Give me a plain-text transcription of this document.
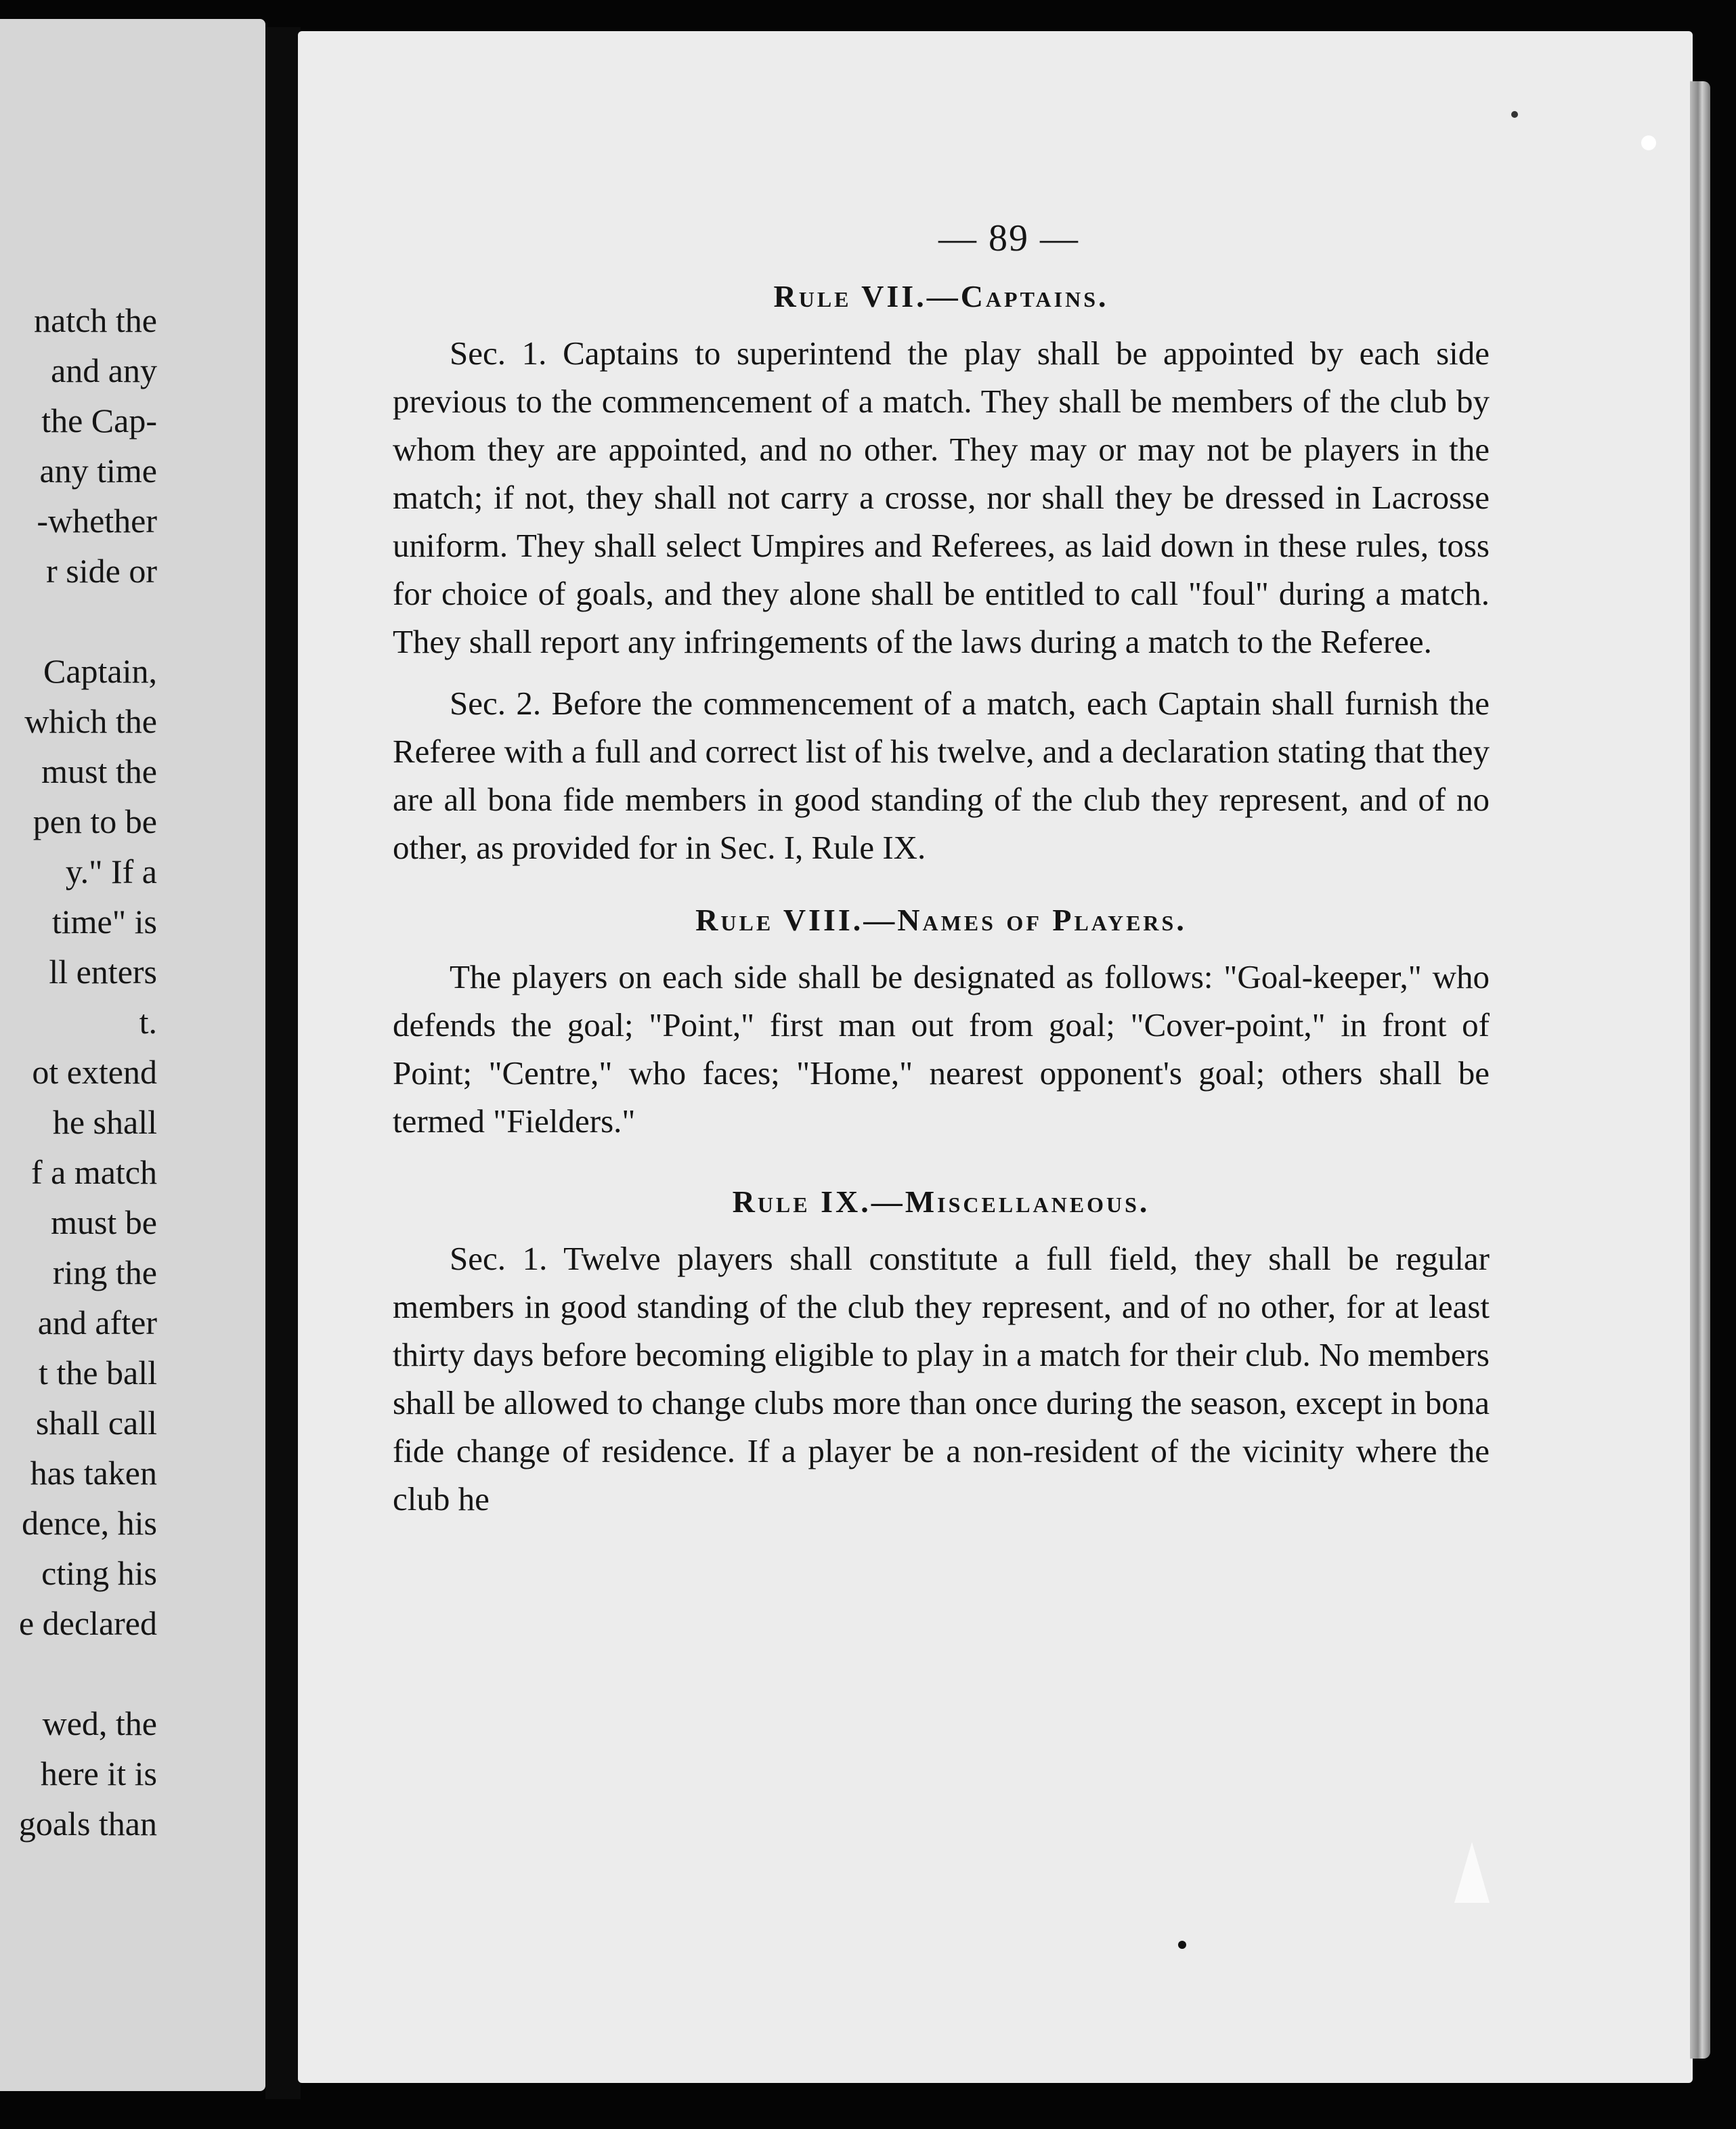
natch the
and any
the Cap-
any time
-whether
r side or

Captain,
which the
must the
pen to be
y." If a
time" is
ll enters
t.
ot extend
he shall
f a match
must be
ring the
and after
t the ball
shall call
has taken
dence, his
cting his
e declared

wed, the
here it is
goals than
— 89 —
Rule VII.—Captains.

Sec. 1. Captains to superintend the play shall be appointed by each side previous to the commencement of a match. They shall be members of the club by whom they are appointed, and no other. They may or may not be players in the match; if not, they shall not carry a crosse, nor shall they be dressed in Lacrosse uniform. They shall select Umpires and Referees, as laid down in these rules, toss for choice of goals, and they alone shall be entitled to call "foul" during a match. They shall report any infringements of the laws during a match to the Referee.

Sec. 2. Before the commencement of a match, each Captain shall furnish the Referee with a full and correct list of his twelve, and a declaration stating that they are all bona fide members in good standing of the club they represent, and of no other, as provided for in Sec. I, Rule IX.

Rule VIII.—Names of Players.

The players on each side shall be designated as follows: "Goal-keeper," who defends the goal; "Point," first man out from goal; "Cover-point," in front of Point; "Centre," who faces; "Home," nearest opponent's goal; others shall be termed "Fielders."

Rule IX.—Miscellaneous.

Sec. 1. Twelve players shall constitute a full field, they shall be regular members in good standing of the club they represent, and of no other, for at least thirty days before becoming eligible to play in a match for their club. No members shall be allowed to change clubs more than once during the season, except in bona fide change of residence. If a player be a non-resident of the vicinity where the club he
